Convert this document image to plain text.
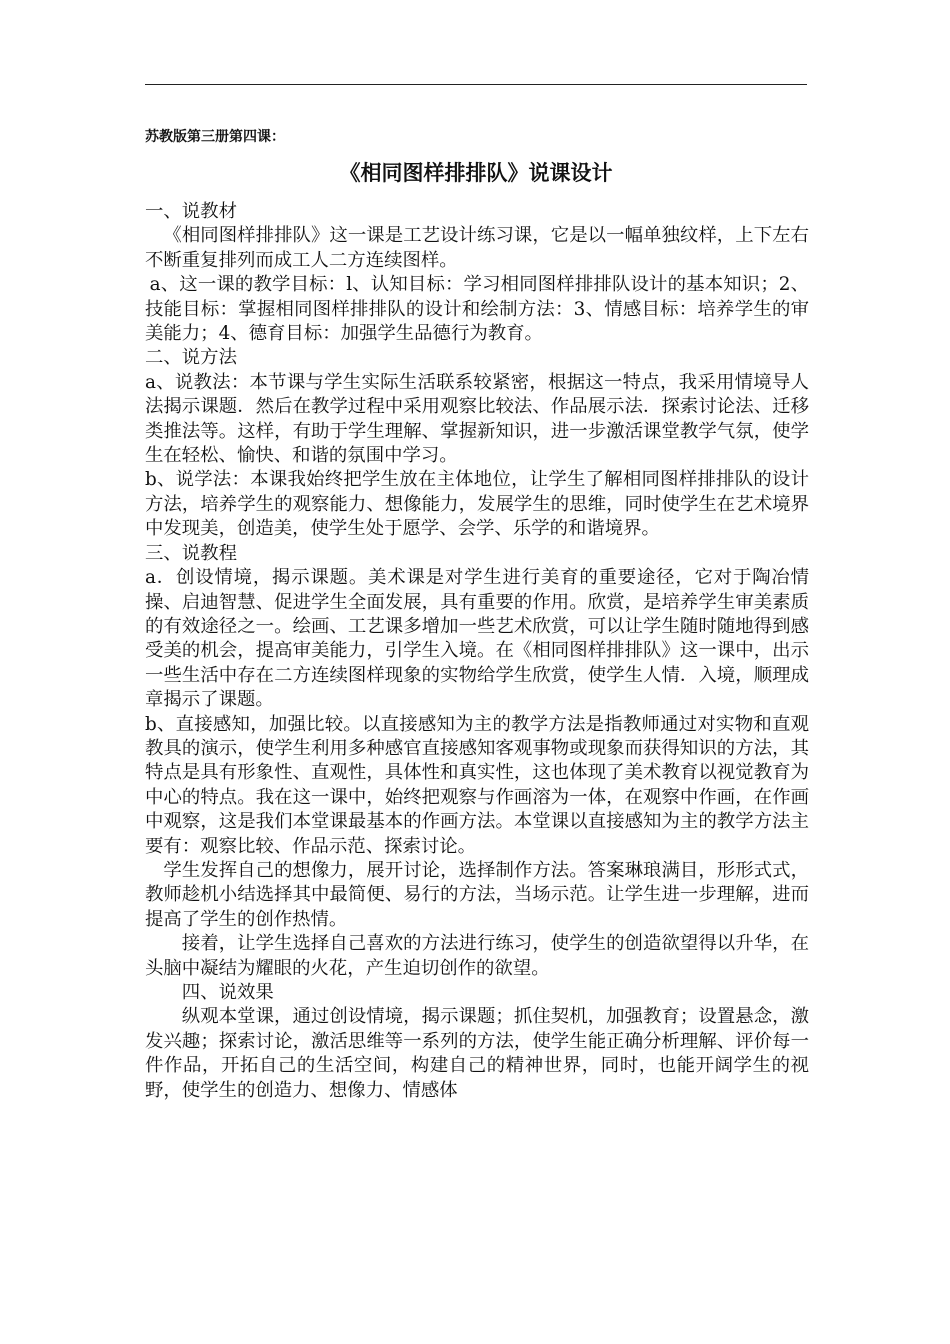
苏教版第三册第四课：
《相同图样排排队》说课设计

一、说教材

《相同图样排排队》这一课是工艺设计练习课，它是以一幅单独纹样，上下左右不断重复排列而成工人二方连续图样。

a、这一课的教学目标：l、认知目标：学习相同图样排排队设计的基本知识；2、技能目标：掌握相同图样排排队的设计和绘制方法：3、情感目标：培养学生的审美能力；4、德育目标：加强学生品德行为教育。

二、说方法

a、说教法：本节课与学生实际生活联系较紧密，根据这一特点，我采用情境导人法揭示课题．然后在教学过程中采用观察比较法、作品展示法．探索讨论法、迁移类推法等。这样，有助于学生理解、掌握新知识，进一步激活课堂教学气氛，使学生在轻松、愉快、和谐的氛围中学习。

b、说学法：本课我始终把学生放在主体地位，让学生了解相同图样排排队的设计方法，培养学生的观察能力、想像能力，发展学生的思维，同时使学生在艺术境界中发现美，创造美，使学生处于愿学、会学、乐学的和谐境界。

三、说教程

a．创设情境，揭示课题。美术课是对学生进行美育的重要途径，它对于陶冶情操、启迪智慧、促进学生全面发展，具有重要的作用。欣赏，是培养学生审美素质的有效途径之一。绘画、工艺课多增加一些艺术欣赏，可以让学生随时随地得到感受美的机会，提高审美能力，引学生入境。在《相同图样排排队》这一课中，出示一些生活中存在二方连续图样现象的实物给学生欣赏，使学生人情．入境，顺理成章揭示了课题。

b、直接感知，加强比较。以直接感知为主的教学方法是指教师通过对实物和直观教具的演示，使学生利用多种感官直接感知客观事物或现象而获得知识的方法，其特点是具有形象性、直观性，具体性和真实性，这也体现了美术教育以视觉教育为中心的特点。我在这一课中，始终把观察与作画溶为一体，在观察中作画，在作画中观察，这是我们本堂课最基本的作画方法。本堂课以直接感知为主的教学方法主要有：观察比较、作品示范、探索讨论。

学生发挥自己的想像力，展开讨论，选择制作方法。答案琳琅满目，形形式式，教师趁机小结选择其中最简便、易行的方法，当场示范。让学生进一步理解，进而提高了学生的创作热情。

接着，让学生选择自己喜欢的方法进行练习，使学生的创造欲望得以升华，在头脑中凝结为耀眼的火花，产生迫切创作的欲望。

四、说效果

纵观本堂课，通过创设情境，揭示课题；抓住契机，加强教育；设置悬念，激发兴趣；探索讨论，激活思维等一系列的方法，使学生能正确分析理解、评价每一件作品，开拓自己的生活空间，构建自己的精神世界，同时，也能开阔学生的视野，使学生的创造力、想像力、情感体
